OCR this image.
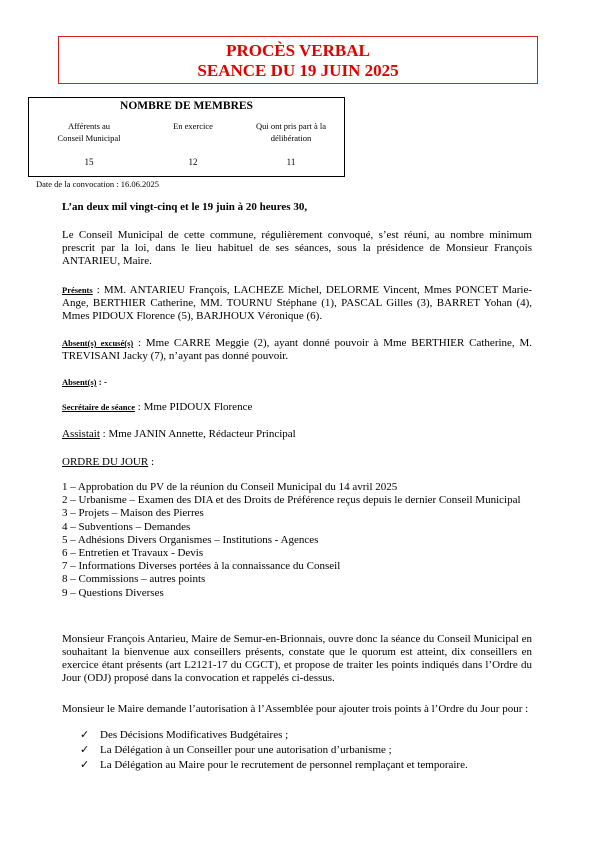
PROCÈS VERBAL
SEANCE DU 19 JUIN 2025
NOMBRE DE MEMBRES
Afférents au
Conseil Municipal
15
En exercice
12
Qui ont pris part à la
délibération
11
Date de la convocation : 16.06.2025

L’an deux mil vingt-cinq et le 19 juin à 20 heures 30,

Le Conseil Municipal de cette commune, régulièrement convoqué, s’est réuni, au nombre minimum prescrit par la loi, dans le lieu habituel de ses séances, sous la présidence de Monsieur François ANTARIEU, Maire.

Présents : MM. ANTARIEU François, LACHEZE Michel, DELORME Vincent, Mmes PONCET Marie-Ange, BERTHIER Catherine, MM. TOURNU Stéphane (1), PASCAL Gilles (3), BARRET Yohan (4), Mmes PIDOUX Florence (5), BARJHOUX Véronique (6).

Absent(s) excusé(s) : Mme CARRE Meggie (2), ayant donné pouvoir à Mme BERTHIER Catherine, M. TREVISANI Jacky (7), n’ayant pas donné pouvoir.

Absent(s) : -

Secrétaire de séance : Mme PIDOUX Florence

Assistait : Mme JANIN Annette, Rédacteur Principal

ORDRE DU JOUR :

1 – Approbation du PV de la réunion du Conseil Municipal du 14 avril 2025
2 – Urbanisme – Examen des DIA et des Droits de Préférence reçus depuis le dernier Conseil Municipal
3 – Projets – Maison des Pierres
4 – Subventions – Demandes
5 – Adhésions Divers Organismes – Institutions - Agences
6 – Entretien et Travaux - Devis
7 – Informations Diverses portées à la connaissance du Conseil
8 – Commissions – autres points
9 – Questions Diverses

Monsieur François Antarieu, Maire de Semur-en-Brionnais, ouvre donc la séance du Conseil Municipal en souhaitant la bienvenue aux conseillers présents, constate que le quorum est atteint, dix conseillers en exercice étant présents (art L2121-17 du CGCT), et propose de traiter les points indiqués dans l’Ordre du Jour (ODJ) proposé dans la convocation et rappelés ci-dessus.

Monsieur le Maire demande l’autorisation à l’Assemblée pour ajouter trois points à l’Ordre du Jour pour :

✓ Des Décisions Modificatives Budgétaires ;
✓ La Délégation à un Conseiller pour une autorisation d’urbanisme ;
✓ La Délégation au Maire pour le recrutement de personnel remplaçant et temporaire.
